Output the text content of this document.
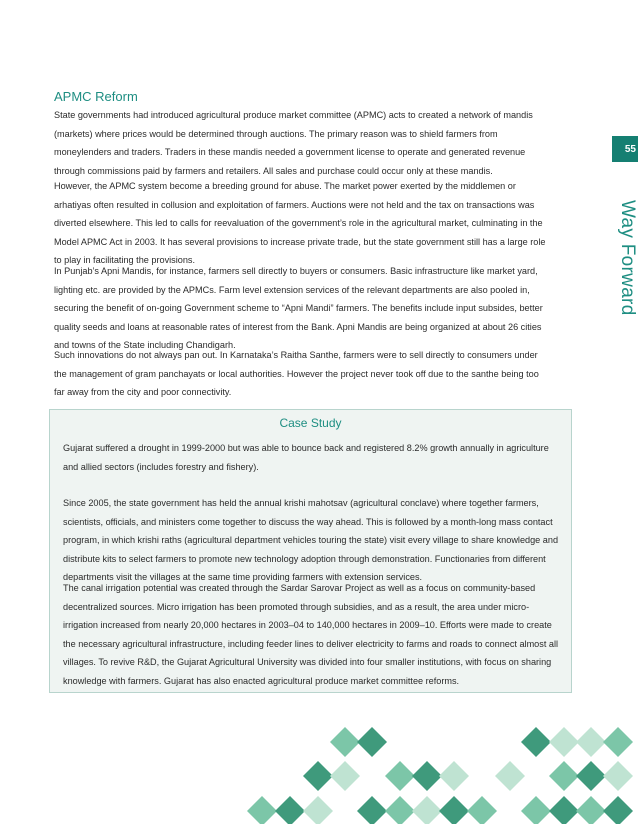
55
Way Forward
APMC Reform

State governments had introduced agricultural produce market committee (APMC) acts to created a network of mandis (markets) where prices would be determined through auctions. The primary reason was to shield farmers from moneylenders and traders. Traders in these mandis needed a government license to operate and generated revenue through commissions paid by farmers and retailers. All sales and purchase could occur only at these mandis.

However, the APMC system become a breeding ground for abuse. The market power exerted by the middlemen or arhatiyas often resulted in collusion and exploitation of farmers. Auctions were not held and the tax on transactions was diverted elsewhere. This led to calls for reevaluation of the government’s role in the agricultural market, culminating in the Model APMC Act in 2003. It has several provisions to increase private trade, but the state government still has a large role to play in facilitating the provisions.

In Punjab’s Apni Mandis, for instance, farmers sell directly to buyers or consumers. Basic infrastructure like market yard, lighting etc. are provided by the APMCs. Farm level extension services of the relevant departments are also pooled in, securing the benefit of on-going Government scheme to “Apni Mandi” farmers. The benefits include input subsides, better quality seeds and loans at reasonable rates of interest from the Bank. Apni Mandis are being organized at about 26 cities and towns of the State including Chandigarh.

Such innovations do not always pan out. In Karnataka’s Raitha Santhe, farmers were to sell directly to consumers under the management of gram panchayats or local authorities. However the project never took off due to the santhe being too far away from the city and poor connectivity.

Case Study

Gujarat suffered a drought in 1999-2000 but was able to bounce back and registered 8.2% growth annually in agriculture and allied sectors (includes forestry and fishery).

Since 2005, the state government has held the annual krishi mahotsav (agricultural conclave) where together farmers, scientists, officials, and ministers come together to discuss the way ahead. This is followed by a month-long mass contact program, in which krishi raths (agricultural department vehicles touring the state) visit every village to share knowledge and distribute kits to select farmers to promote new technology adoption through demonstration. Functionaries from different departments visit the villages at the same time providing farmers with extension services.

The canal irrigation potential was created through the Sardar Sarovar Project as well as a focus on community-based decentralized sources. Micro irrigation has been promoted through subsidies, and as a result, the area under micro-irrigation increased from nearly 20,000 hectares in 2003–04 to 140,000 hectares in 2009–10. Efforts were made to create the necessary agricultural infrastructure, including feeder lines to deliver electricity to farms and roads to connect almost all villages. To revive R&D, the Gujarat Agricultural University was divided into four smaller institutions, with focus on sharing knowledge with farmers. Gujarat has also enacted agricultural produce market committee reforms.
